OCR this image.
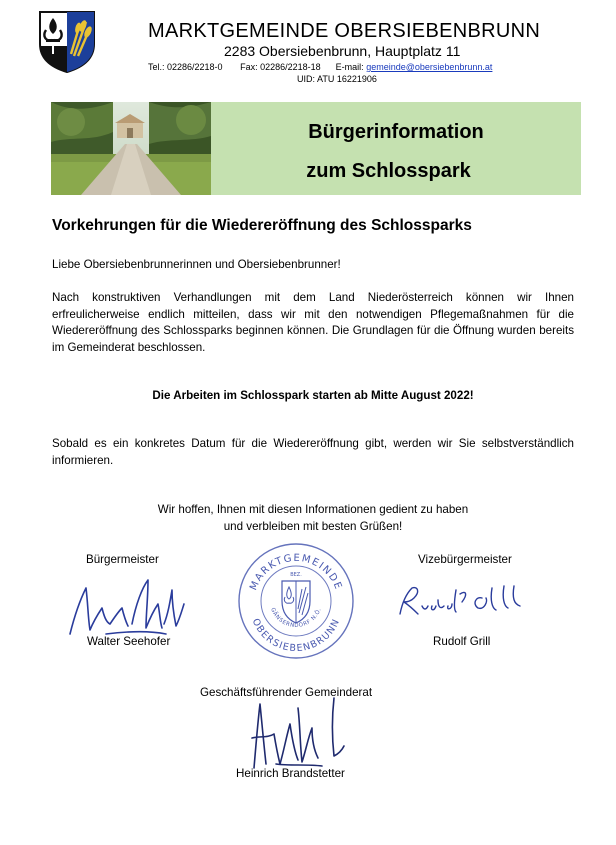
MARKTGEMEINDE OBERSIEBENBRUNN
2283 Obersiebenbrunn, Hauptplatz 11
Tel.: 02286/2218-0 Fax: 02286/2218-18 E-mail: gemeinde@obersiebenbrunn.at
UID: ATU 16221906
Bürgerinformation
zum Schlosspark
Vorkehrungen für die Wiedereröffnung des Schlossparks
Liebe Obersiebenbrunnerinnen und Obersiebenbrunner!
Nach konstruktiven Verhandlungen mit dem Land Niederösterreich können wir Ihnen erfreulicherweise endlich mitteilen, dass wir mit den notwendigen Pflegemaßnahmen für die Wiedereröffnung des Schlossparks beginnen können. Die Grundlagen für die Öffnung wurden bereits im Gemeinderat beschlossen.
Die Arbeiten im Schlosspark starten ab Mitte August 2022!
Sobald es ein konkretes Datum für die Wiedereröffnung gibt, werden wir Sie selbstverständlich informieren.
Wir hoffen, Ihnen mit diesen Informationen gedient zu haben
und verbleiben mit besten Grüßen!
Bürgermeister
Walter Seehofer
Vizebürgermeister
Rudolf Grill
MARKTGEMEINDE
OBERSIEBENBRUNN
GÄNSERNDORF N.Ö.
BEZ.
Geschäftsführender Gemeinderat
Heinrich Brandstetter
